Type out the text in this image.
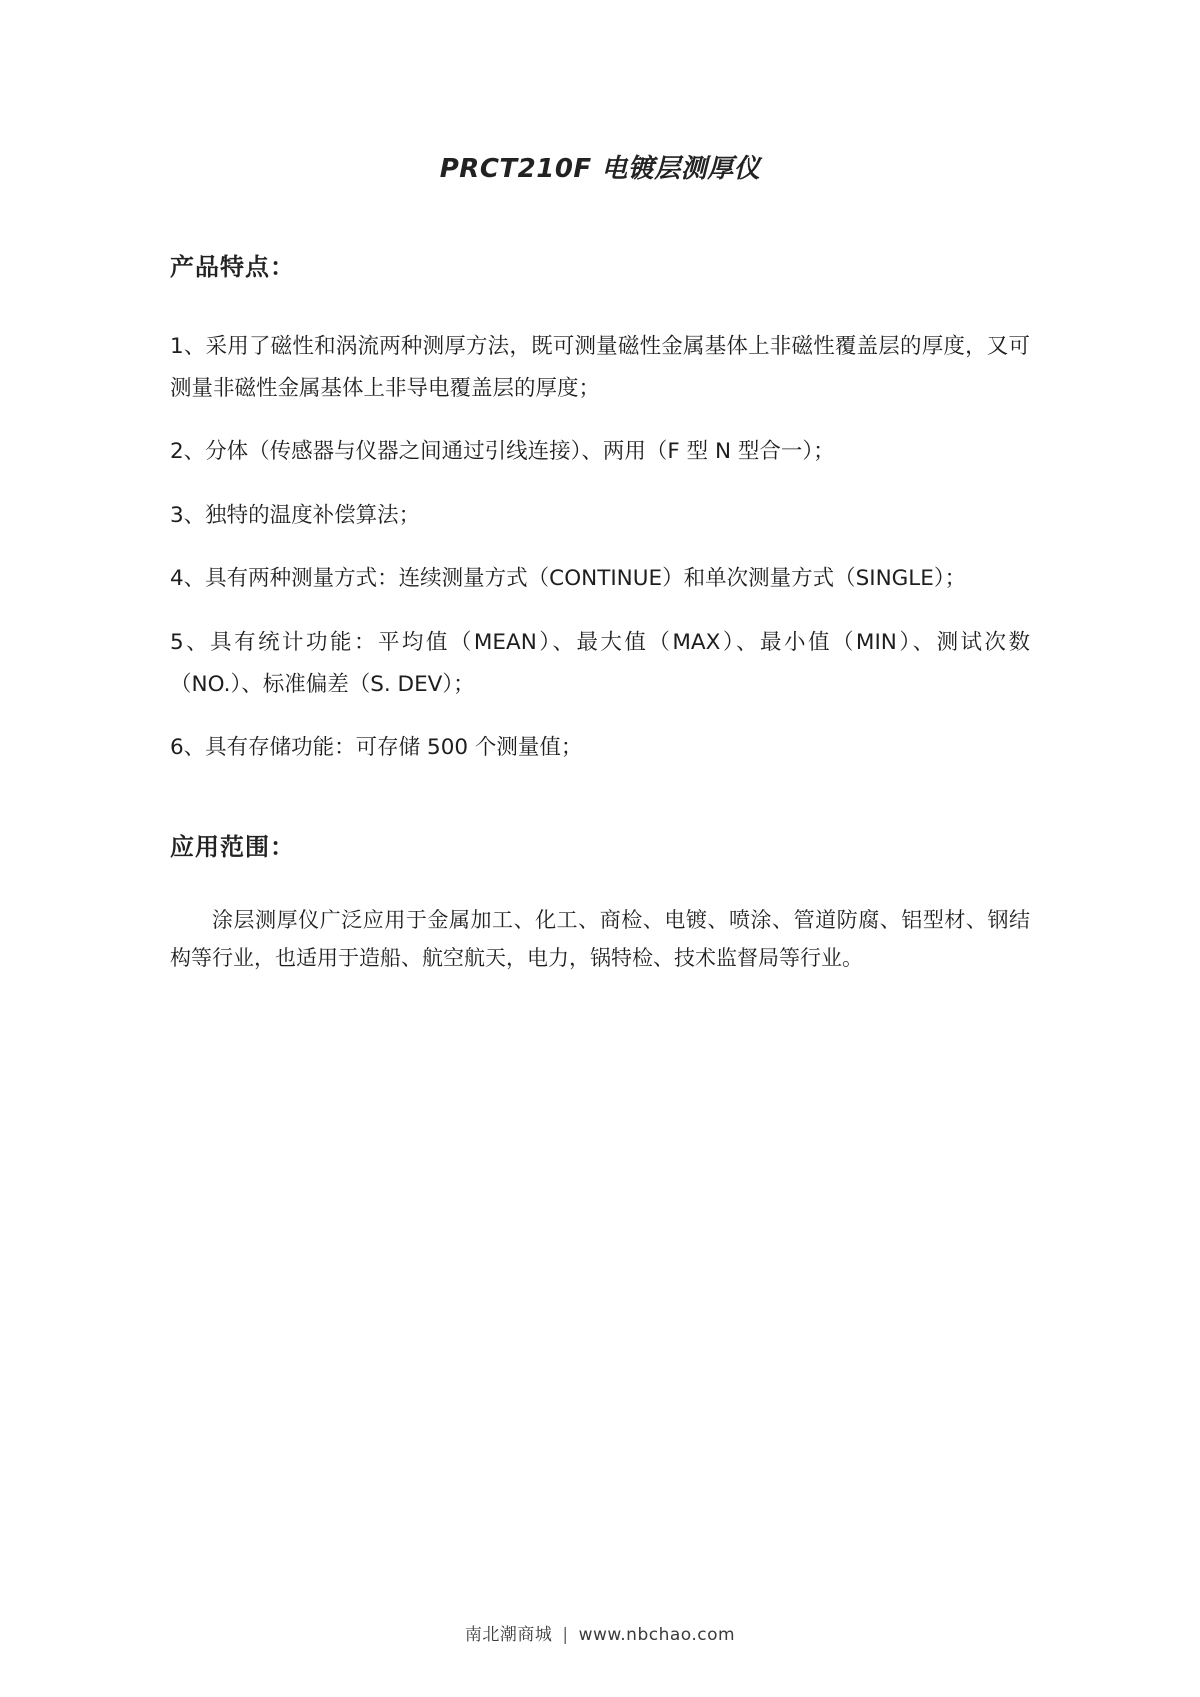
PRCT210F 电镀层测厚仪
产品特点：

1、采用了磁性和涡流两种测厚方法，既可测量磁性金属基体上非磁性覆盖层的厚度，又可测量非磁性金属基体上非导电覆盖层的厚度；

2、分体（传感器与仪器之间通过引线连接）、两用（F 型 N 型合一）；

3、独特的温度补偿算法；

4、具有两种测量方式：连续测量方式（CONTINUE）和单次测量方式（SINGLE）；

5、具有统计功能：平均值（MEAN）、最大值（MAX）、最小值（MIN）、测试次数（NO.）、标准偏差（S. DEV）；

6、具有存储功能：可存储 500 个测量值；

应用范围：

涂层测厚仪广泛应用于金属加工、化工、商检、电镀、喷涂、管道防腐、铝型材、钢结构等行业，也适用于造船、航空航天，电力，锅特检、技术监督局等行业。

南北潮商城 | www.nbchao.com
